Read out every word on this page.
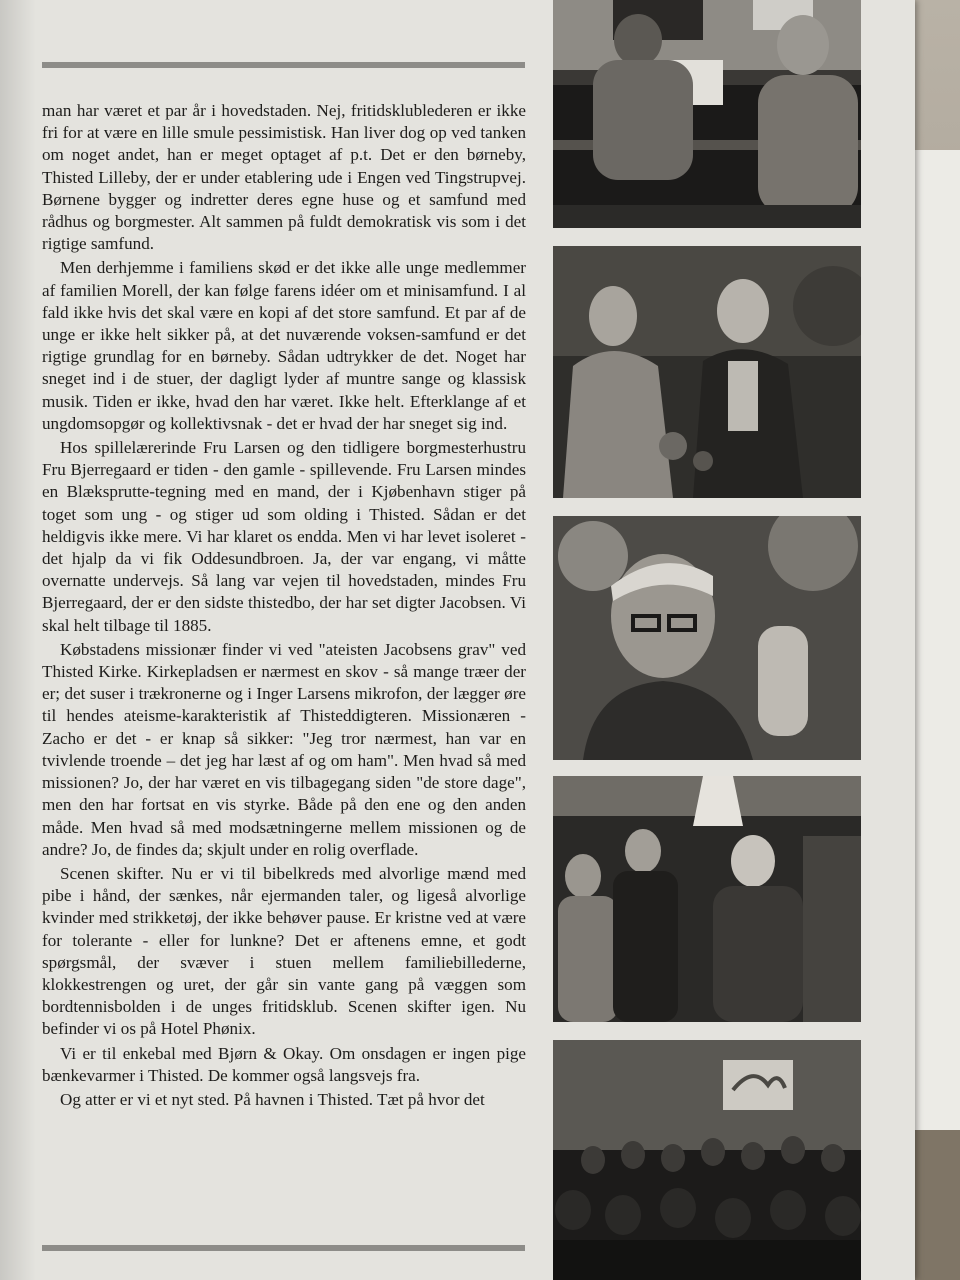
man har været et par år i hovedstaden. Nej, fritidsklublederen er ikke fri for at være en lille smule pessimistisk. Han liver dog op ved tanken om noget andet, han er meget optaget af p.t. Det er den børneby, Thisted Lilleby, der er under etablering ude i Engen ved Tingstrupvej. Børnene bygger og indretter deres egne huse og et samfund med rådhus og borgmester. Alt sammen på fuldt demokratisk vis som i det rigtige samfund.

Men derhjemme i familiens skød er det ikke alle unge medlemmer af familien Morell, der kan følge farens idéer om et minisamfund. I al fald ikke hvis det skal være en kopi af det store samfund. Et par af de unge er ikke helt sikker på, at det nuværende voksen-samfund er det rigtige grundlag for en børneby. Sådan udtrykker de det. Noget har sneget ind i de stuer, der dagligt lyder af muntre sange og klassisk musik. Tiden er ikke, hvad den har været. Ikke helt. Efterklange af et ungdomsopgør og kollektivsnak - det er hvad der har sneget sig ind.

Hos spillelærerinde Fru Larsen og den tidligere borgmesterhustru Fru Bjerregaard er tiden - den gamle - spillevende. Fru Larsen mindes en Blæksprutte-tegning med en mand, der i Kjøbenhavn stiger på toget som ung - og stiger ud som olding i Thisted. Sådan er det heldigvis ikke mere. Vi har klaret os endda. Men vi har levet isoleret - det hjalp da vi fik Oddesundbroen. Ja, der var engang, vi måtte overnatte undervejs. Så lang var vejen til hovedstaden, mindes Fru Bjerregaard, der er den sidste thistedbo, der har set digter Jacobsen. Vi skal helt tilbage til 1885.

Købstadens missionær finder vi ved "ateisten Jacobsens grav" ved Thisted Kirke. Kirkepladsen er nærmest en skov - så mange træer der er; det suser i trækronerne og i Inger Larsens mikrofon, der lægger øre til hendes ateisme-karakteristik af Thisteddigteren. Missionæren - Zacho er det - er knap så sikker: "Jeg tror nærmest, han var en tvivlende troende – det jeg har læst af og om ham". Men hvad så med missionen? Jo, der har været en vis tilbagegang siden "de store dage", men den har fortsat en vis styrke. Både på den ene og den anden måde. Men hvad så med modsætningerne mellem missionen og de andre? Jo, de findes da; skjult under en rolig overflade.

Scenen skifter. Nu er vi til bibelkreds med alvorlige mænd med pibe i hånd, der sænkes, når ejermanden taler, og ligeså alvorlige kvinder med strikketøj, der ikke behøver pause. Er kristne ved at være for tolerante - eller for lunkne? Det er aftenens emne, et godt spørgsmål, der svæver i stuen mellem familiebillederne, klokkestrengen og uret, der går sin vante gang på væggen som bordtennisbolden i de unges fritidsklub. Scenen skifter igen. Nu befinder vi os på Hotel Phønix.

Vi er til enkebal med Bjørn & Okay. Om onsdagen er ingen pige bænkevarmer i Thisted. De kommer også langsvejs fra.

Og atter er vi et nyt sted. På havnen i Thisted. Tæt på hvor det
